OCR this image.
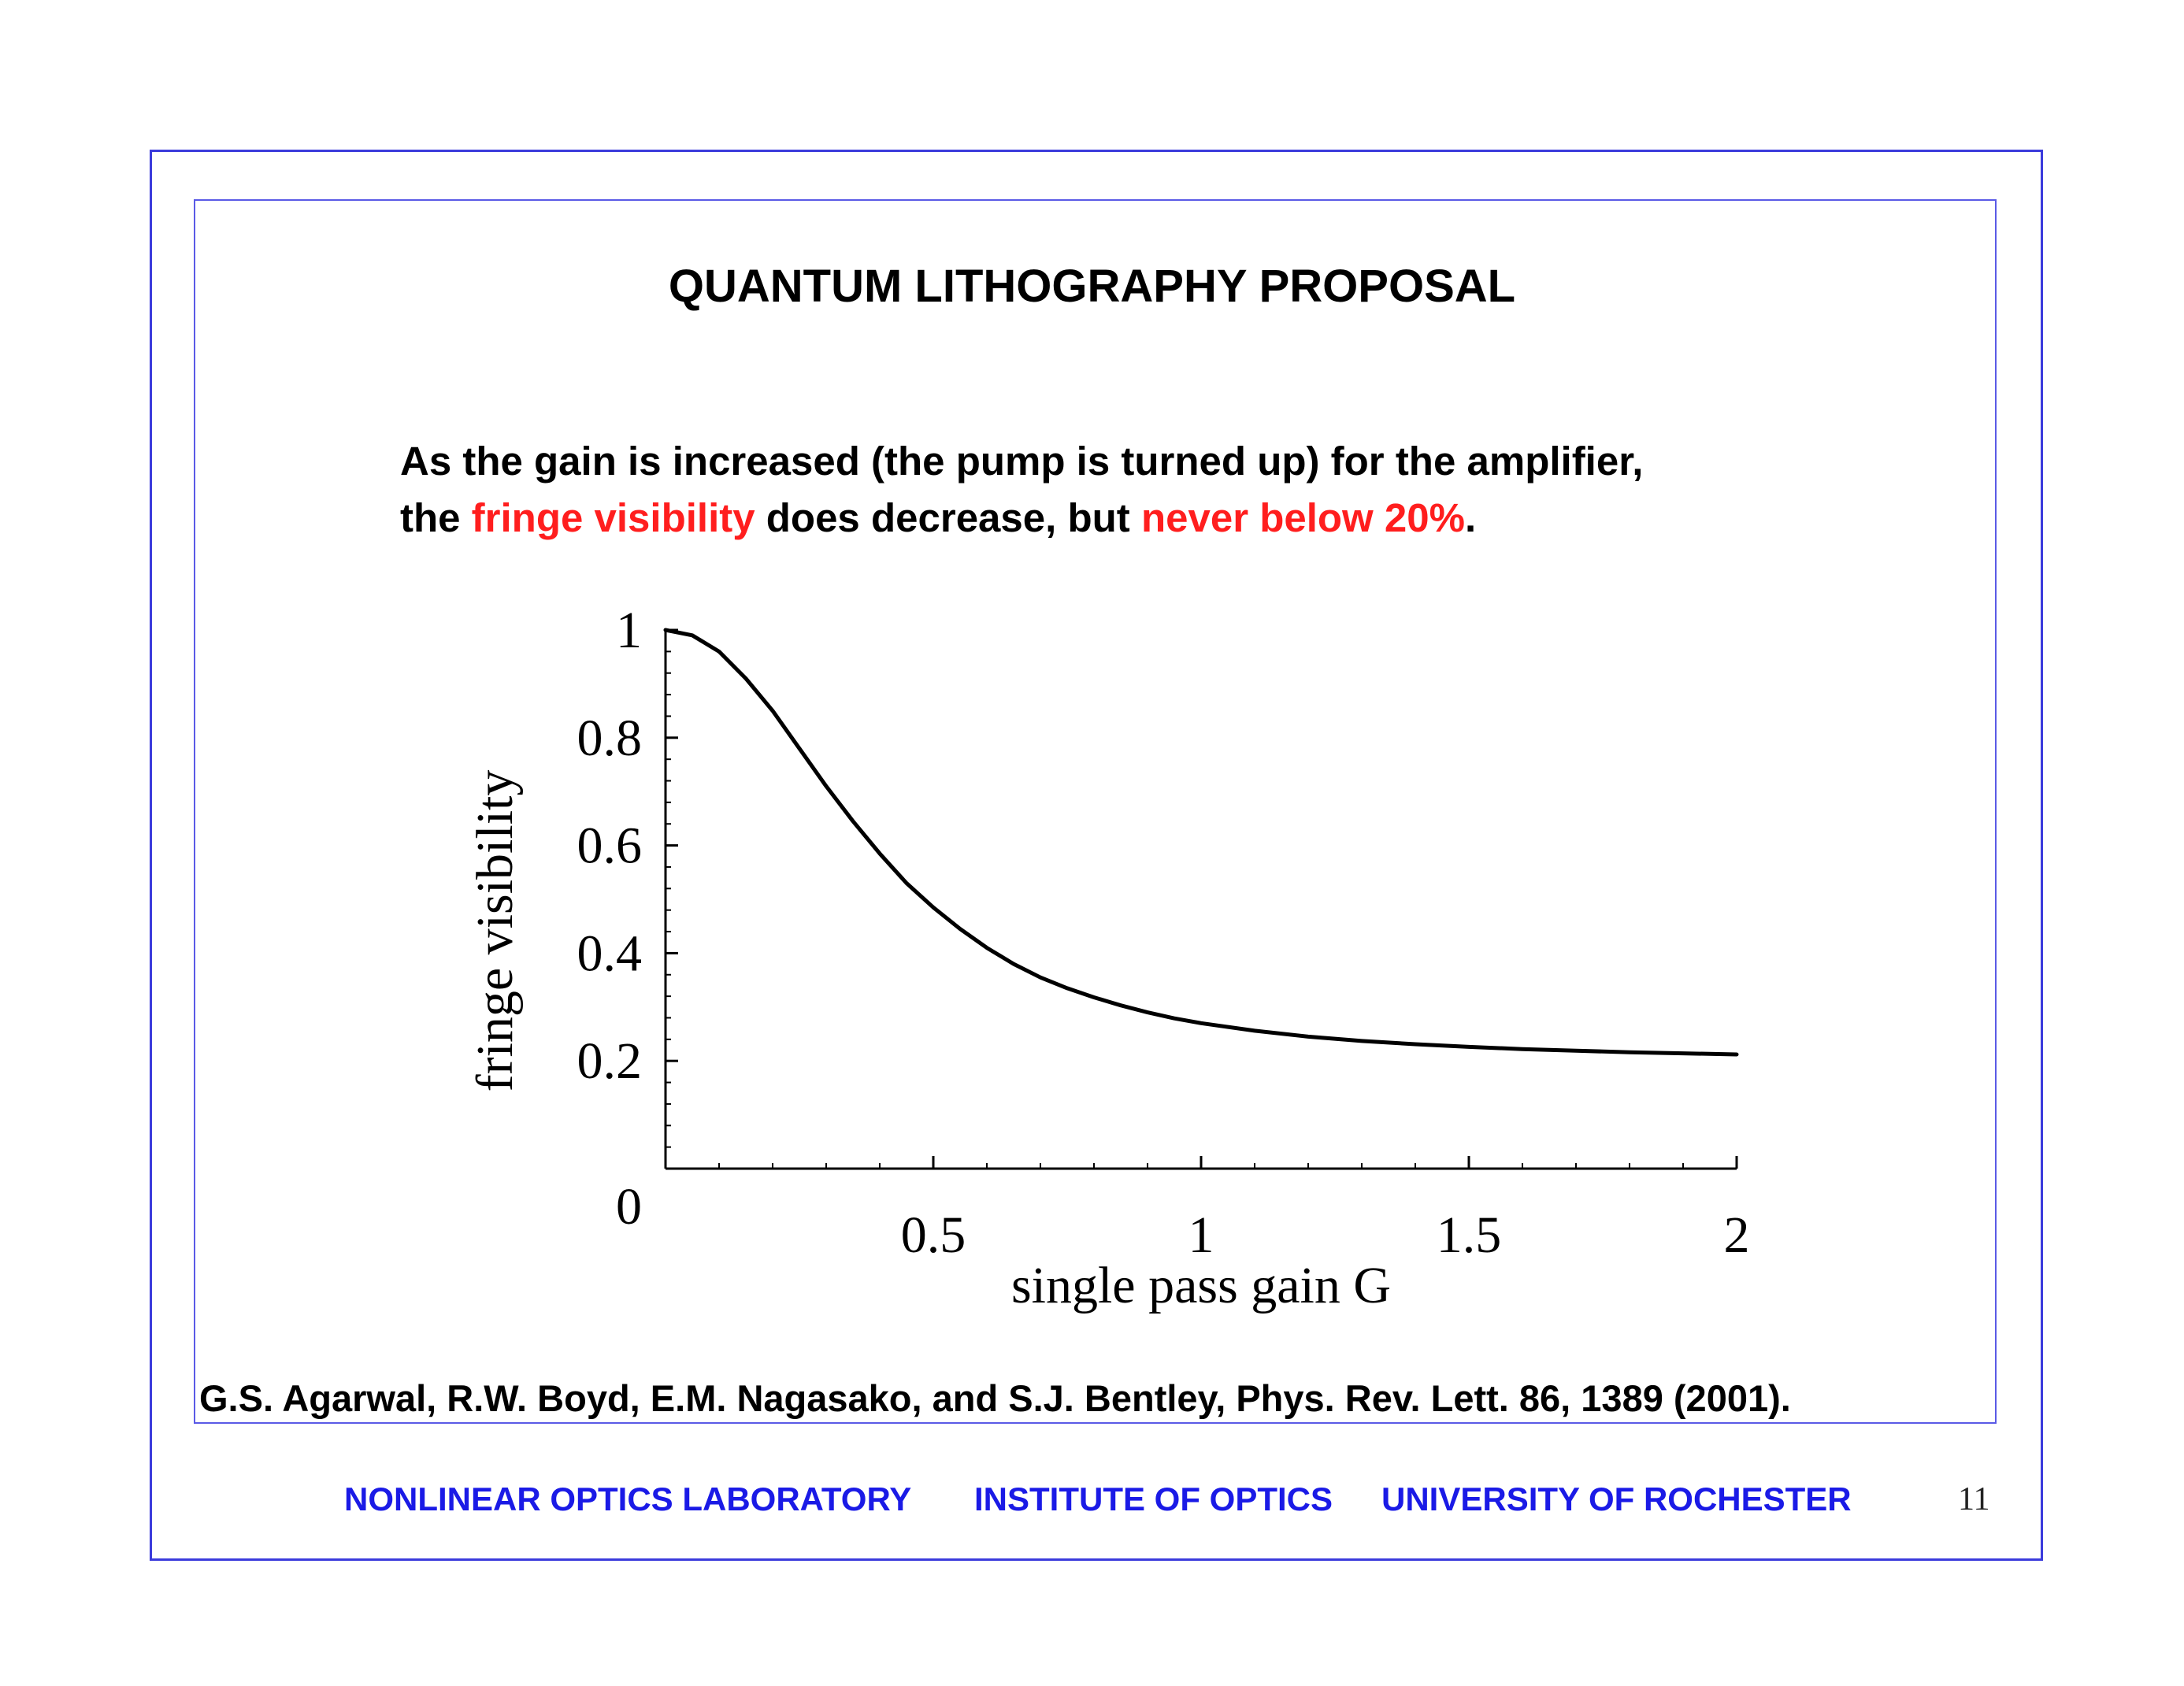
QUANTUM LITHOGRAPHY PROPOSAL
As the gain is increased (the pump is turned up) for the amplifier,
the fringe visibility does decrease, but never below 20%.
0
0.2
0.4
0.6
0.8
1
0.5	1	1.5	2
single pass gain G
fringe visibility
G.S. Agarwal, R.W. Boyd, E.M. Nagasako, and S.J. Bentley, Phys. Rev. Lett. 86, 1389 (2001).
NONLINEAR OPTICS LABORATORY INSTITUTE OF OPTICS UNIVERSITY OF ROCHESTER	11
